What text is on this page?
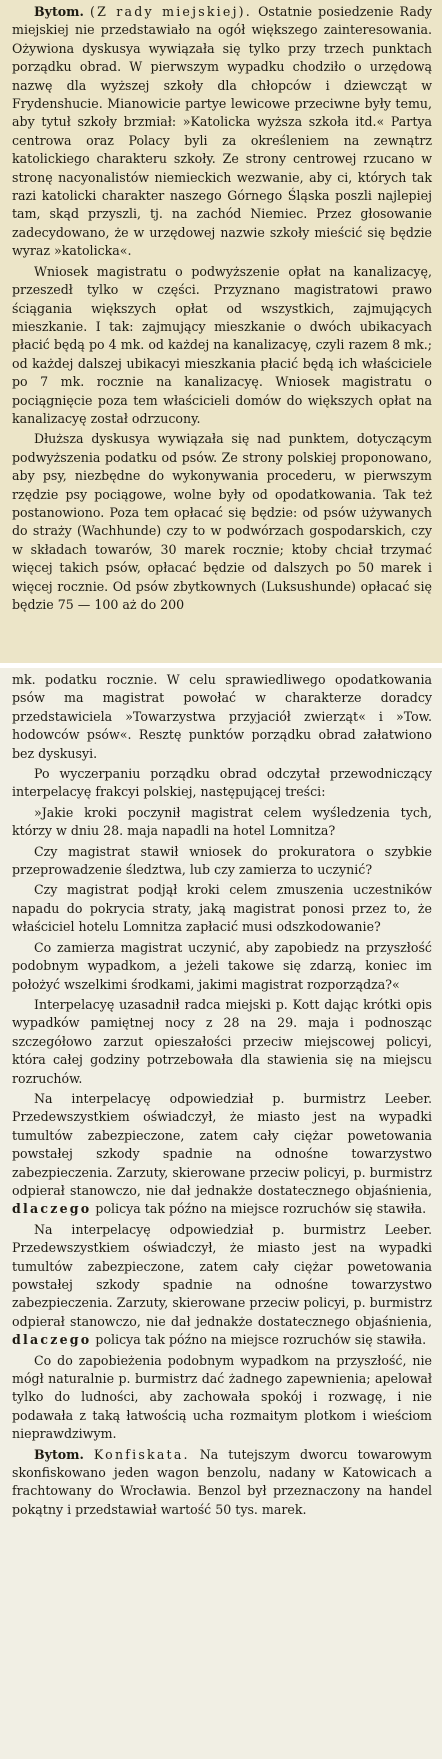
Bytom. (Z rady miejskiej). Ostatnie posiedzenie Rady miejskiej nie przedstawiało na ogół większego zainteresowania. Ożywiona dyskusya wywiązała się tylko przy trzech punktach porządku obrad. W pierwszym wypadku chodziło o urzędową nazwę dla wyższej szkoły dla chłopców i dziewcząt w Frydenshucie. Mianowicie partye lewicowe przeciwne były temu, aby tytuł szkoły brzmiał: »Katolicka wyższa szkoła itd.« Partya centrowa oraz Polacy byli za określeniem na zewnątrz katolickiego charakteru szkoły. Ze strony centrowej rzucano w stronę nacyonalistów niemieckich wezwanie, aby ci, których tak razi katolicki charakter naszego Górnego Śląska poszli najlepiej tam, skąd przyszli, tj. na zachód Niemiec. Przez głosowanie zadecydowano, że w urzędowej nazwie szkoły mieścić się będzie wyraz »katolicka«.

Wniosek magistratu o podwyższenie opłat na kanalizacyę, przeszedł tylko w części. Przyznano magistratowi prawo ściągania większych opłat od wszystkich, zajmujących mieszkanie. I tak: zajmujący mieszkanie o dwóch ubikacyach płacić będą po 4 mk. od każdej na kanalizacyę, czyli razem 8 mk.; od każdej dalszej ubikacyi mieszkania płacić będą ich właściciele po 7 mk. rocznie na kanalizacyę. Wniosek magistratu o pociągnięcie poza tem właścicieli domów do większych opłat na kanalizacyę został odrzucony.

Dłuższa dyskusya wywiązała się nad punktem, dotyczącym podwyższenia podatku od psów. Ze strony polskiej proponowano, aby psy, niezbędne do wykonywania procederu, w pierwszym rzędzie psy pociągowe, wolne były od opodatkowania. Tak też postanowiono. Poza tem opłacać się będzie: od psów używanych do straży (Wachhunde) czy to w podwórzach gospodarskich, czy w składach towarów, 30 marek rocznie; ktoby chciał trzymać więcej takich psów, opłacać będzie od dalszych po 50 marek i więcej rocznie. Od psów zbytkownych (Luksushunde) opłacać się będzie 75 — 100 aż do 200

mk. podatku rocznie. W celu sprawiedliwego opodatkowania psów ma magistrat powołać w charakterze doradcy przedstawiciela »Towarzystwa przyjaciół zwierząt« i »Tow. hodowców psów«. Resztę punktów porządku obrad załatwiono bez dyskusyi.

Po wyczerpaniu porządku obrad odczytał przewodniczący interpelacyę frakcyi polskiej, następującej treści:

»Jakie kroki poczynił magistrat celem wyśledzenia tych, którzy w dniu 28. maja napadli na hotel Lomnitza?

Czy magistrat stawił wniosek do prokuratora o szybkie przeprowadzenie śledztwa, lub czy zamierza to uczynić?

Czy magistrat podjął kroki celem zmuszenia uczestników napadu do pokrycia straty, jaką magistrat ponosi przez to, że właściciel hotelu Lomnitza zapłacić musi odszkodowanie?

Co zamierza magistrat uczynić, aby zapobiedz na przyszłość podobnym wypadkom, a jeżeli takowe się zdarzą, koniec im położyć wszelkimi środkami, jakimi magistrat rozporządza?«

Interpelacyę uzasadnił radca miejski p. Kott dając krótki opis wypadków pamiętnej nocy z 28 na 29. maja i podnosząc szczegółowo zarzut opieszałości przeciw miejscowej policyi, która całej godziny potrzebowała dla stawienia się na miejscu rozruchów.

Na interpelacyę odpowiedział p. burmistrz Leeber. Przedewszystkiem oświadczył, że miasto jest na wypadki tumultów zabezpieczone, zatem cały ciężar powetowania powstałej szkody spadnie na odnośne towarzystwo zabezpieczenia. Zarzuty, skierowane przeciw policyi, p. burmistrz odpierał stanowczo, nie dał jednakże dostatecznego objaśnienia, dlaczego policya tak późno na miejsce rozruchów się stawiła.

Na interpelacyę odpowiedział p. burmistrz Leeber. Przedewszystkiem oświadczył, że miasto jest na wypadki tumultów zabezpieczone, zatem cały ciężar powetowania powstałej szkody spadnie na odnośne towarzystwo zabezpieczenia. Zarzuty, skierowane przeciw policyi, p. burmistrz odpierał stanowczo, nie dał jednakże dostatecznego objaśnienia, dlaczego policya tak późno na miejsce rozruchów się stawiła.

Co do zapobieżenia podobnym wypadkom na przyszłość, nie mógł naturalnie p. burmistrz dać żadnego zapewnienia; apelował tylko do ludności, aby zachowała spokój i rozwagę, i nie podawała z taką łatwością ucha rozmaitym plotkom i wieściom nieprawdziwym.

Bytom. Konfiskata. Na tutejszym dworcu towarowym skonfiskowano jeden wagon benzolu, nadany w Katowicach a frachtowany do Wrocławia. Benzol był przeznaczony na handel pokątny i przedstawiał wartość 50 tys. marek.
